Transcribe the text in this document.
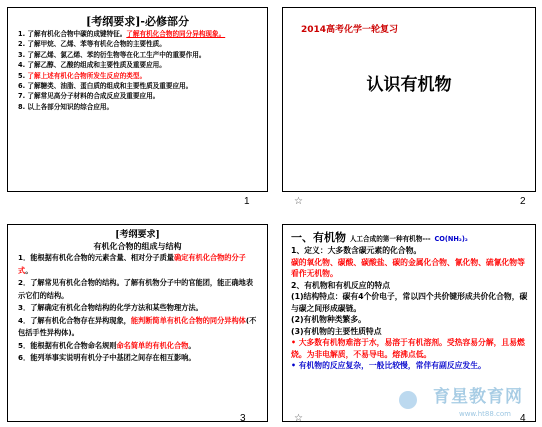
[考纲要求]-必修部分
1. 了解有机化合物中碳的成键特征。了解有机化合物的同分异构现象。
2. 了解甲烷、乙烯、苯等有机化合物的主要性质。
3. 了解乙烯、氯乙烯、苯的衍生物等在化工生产中的重要作用。
4. 了解乙醇、乙酸的组成和主要性质及重要应用。
5. 了解上述有机化合物所发生反应的类型。
6. 了解糖类、油脂、蛋白质的组成和主要性质及重要应用。
7. 了解常见高分子材料的合成反应及重要应用。
8. 以上各部分知识的综合应用。
1
2014高考化学一轮复习
认识有机物
☆	2
[考纲要求]
有机化合物的组成与结构
1．能根据有机化合物的元素含量、相对分子质量确定有机化合物的分子式。
2．了解常见有机化合物的结构。了解有机物分子中的官能团，能正确地表示它们的结构。
3．了解确定有机化合物结构的化学方法和某些物理方法。
4．了解有机化合物存在异构现象，能判断简单有机化合物的同分异构体(不包括手性异构体)。
5．能根据有机化合物命名规则命名简单的有机化合物。
6．能列举事实说明有机分子中基团之间存在相互影响。
3
一、有机物 人工合成的第一种有机物--- CO(NH₂)₂
1、定义：大多数含碳元素的化合物。
碳的氧化物、碳酸、碳酸盐、碳的金属化合物、氰化物、硫氰化物等看作无机物。
2、有机物和有机反应的特点
(1)结构特点：碳有4个价电子，常以四个共价键形成共价化合物，碳与碳之间形成碳链。
(2)有机物种类繁多。
(3)有机物的主要性质特点
• 大多数有机物难溶于水，易溶于有机溶剂。受热容易分解，且易燃烧。为非电解质，不易导电。熔沸点低。
• 有机物的反应复杂，一般比较慢，常伴有副反应发生。
育星教育网
www.ht88.com
☆	4
